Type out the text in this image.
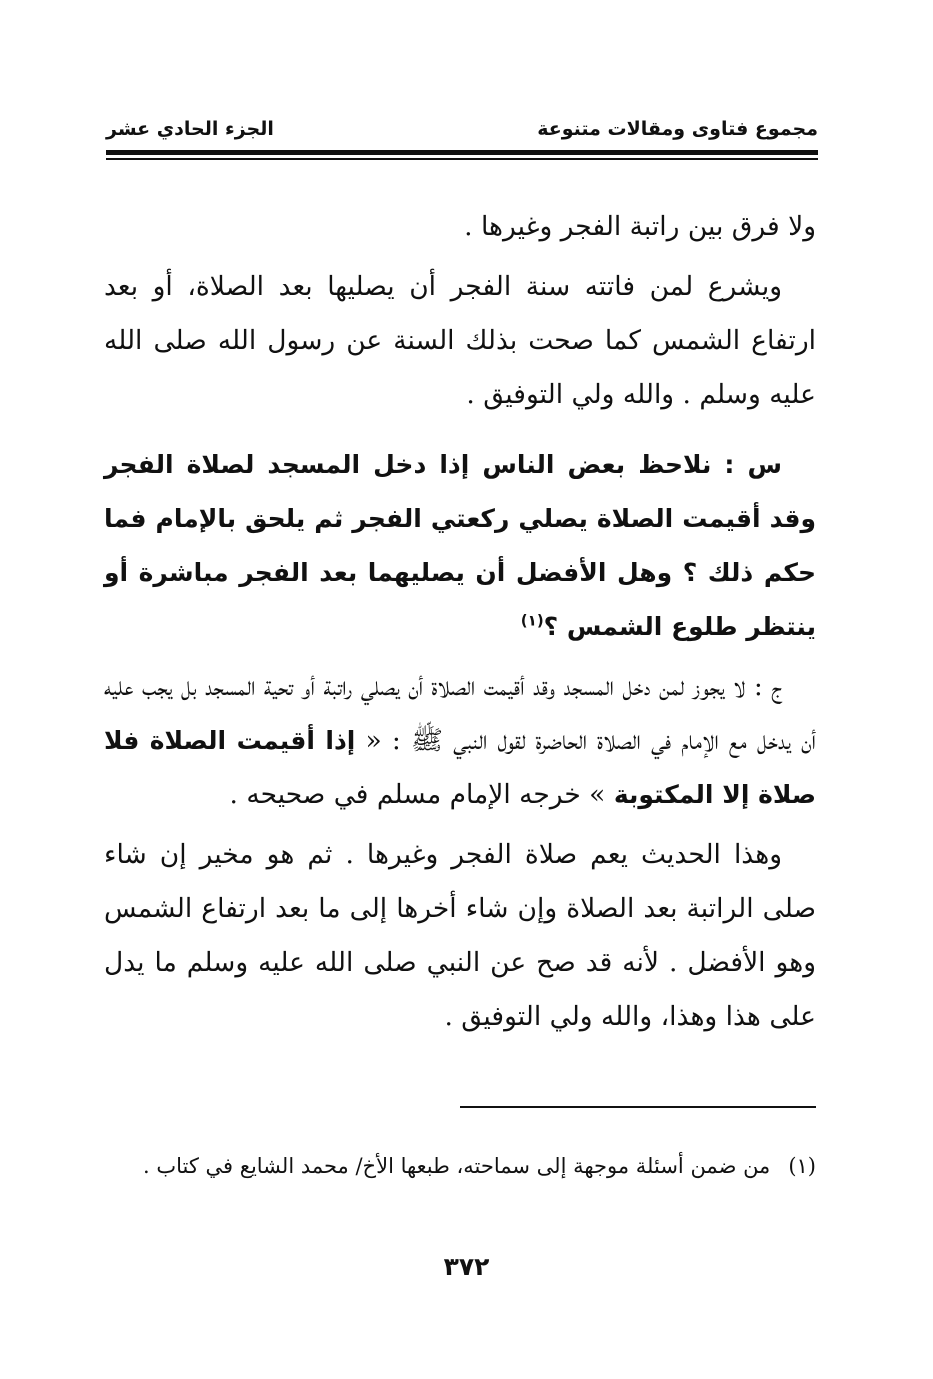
مجموع فتاوى ومقالات متنوعة
الجزء الحادي عشر

ولا فرق بين راتبة الفجر وغيرها .

ويشرع لمن فاتته سنة الفجر أن يصليها بعد الصلاة، أو بعد ارتفاع الشمس كما صحت بذلك السنة عن رسول الله صلى الله عليه وسلم . والله ولي التوفيق .

س : نلاحظ بعض الناس إذا دخل المسجد لصلاة الفجر وقد أقيمت الصلاة يصلي ركعتي الفجر ثم يلحق بالإمام فما حكم ذلك ؟ وهل الأفضل أن يصليهما بعد الفجر مباشرة أو ينتظر طلوع الشمس ؟$^{(١)}$

ج : لا يجوز لمن دخل المسجد وقد أقيمت الصلاة أن يصلي راتبة أو تحية المسجد بل يجب عليه أن يدخل مع الإمام في الصلاة الحاضرة لقول النبي ﷺ : « إذا أقيمت الصلاة فلا صلاة إلا المكتوبة » خرجه الإمام مسلم في صحيحه .

وهذا الحديث يعم صلاة الفجر وغيرها . ثم هو مخير إن شاء صلى الراتبة بعد الصلاة وإن شاء أخرها إلى ما بعد ارتفاع الشمس وهو الأفضل . لأنه قد صح عن النبي صلى الله عليه وسلم ما يدل على هذا وهذا، والله ولي التوفيق .

(١)من ضمن أسئلة موجهة إلى سماحته، طبعها الأخ/ محمد الشايع في كتاب .
٣٧٢
